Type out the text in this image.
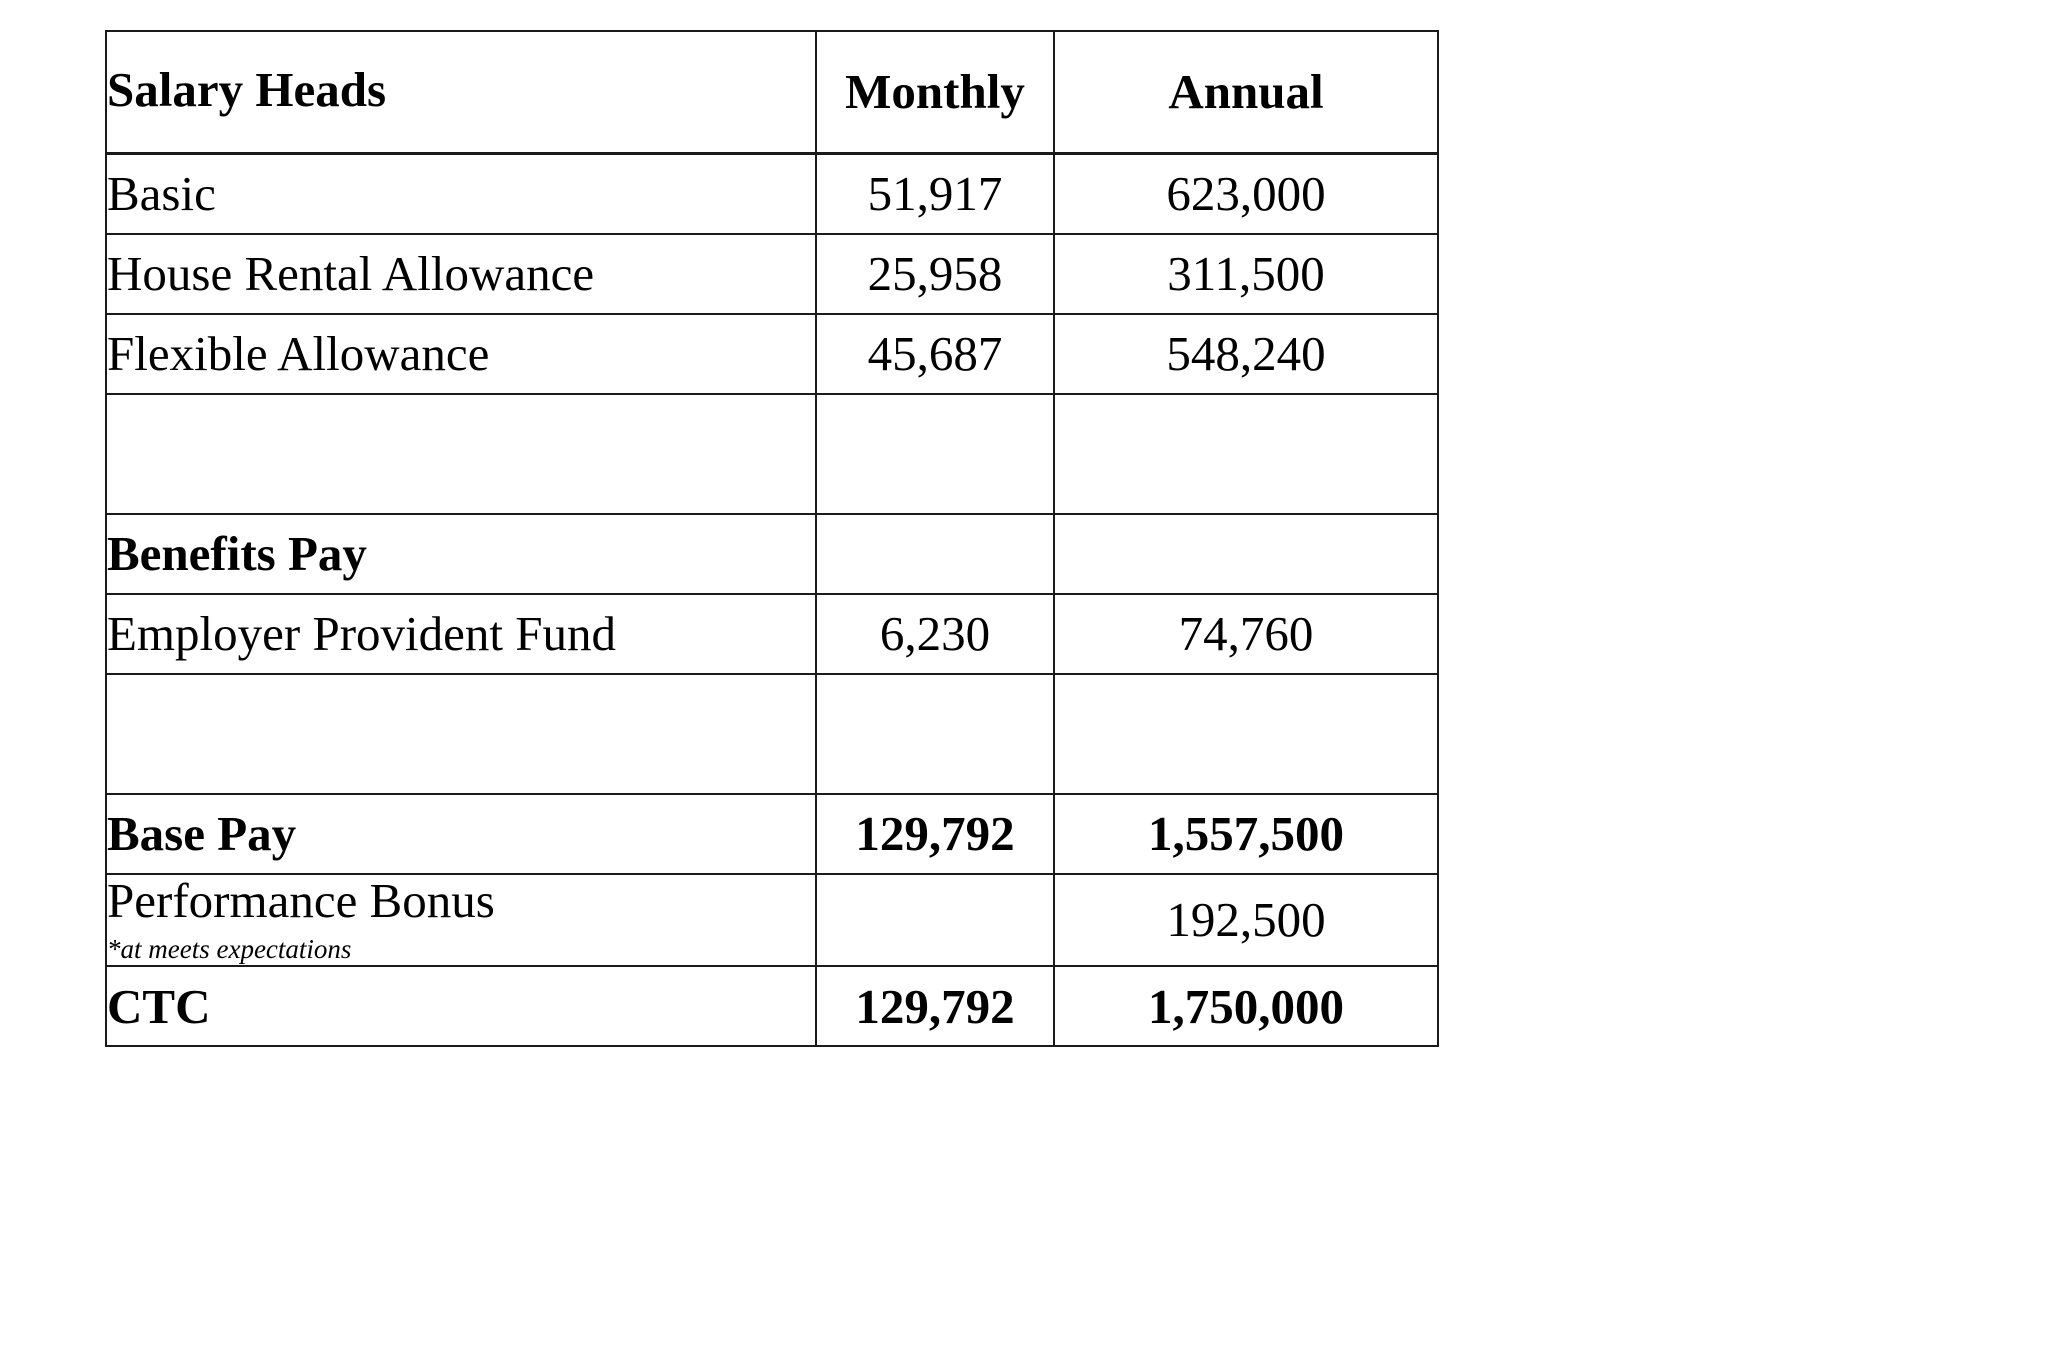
Salary Heads	Monthly	Annual
Basic	51,917	623,000
House Rental Allowance	25,958	311,500
Flexible Allowance	45,687	548,240

Benefits Pay		
Employer Provident Fund	6,230	74,760

Base Pay	129,792	1,557,500

Performance Bonus
*at meets expectations		192,500
CTC	129,792	1,750,000
